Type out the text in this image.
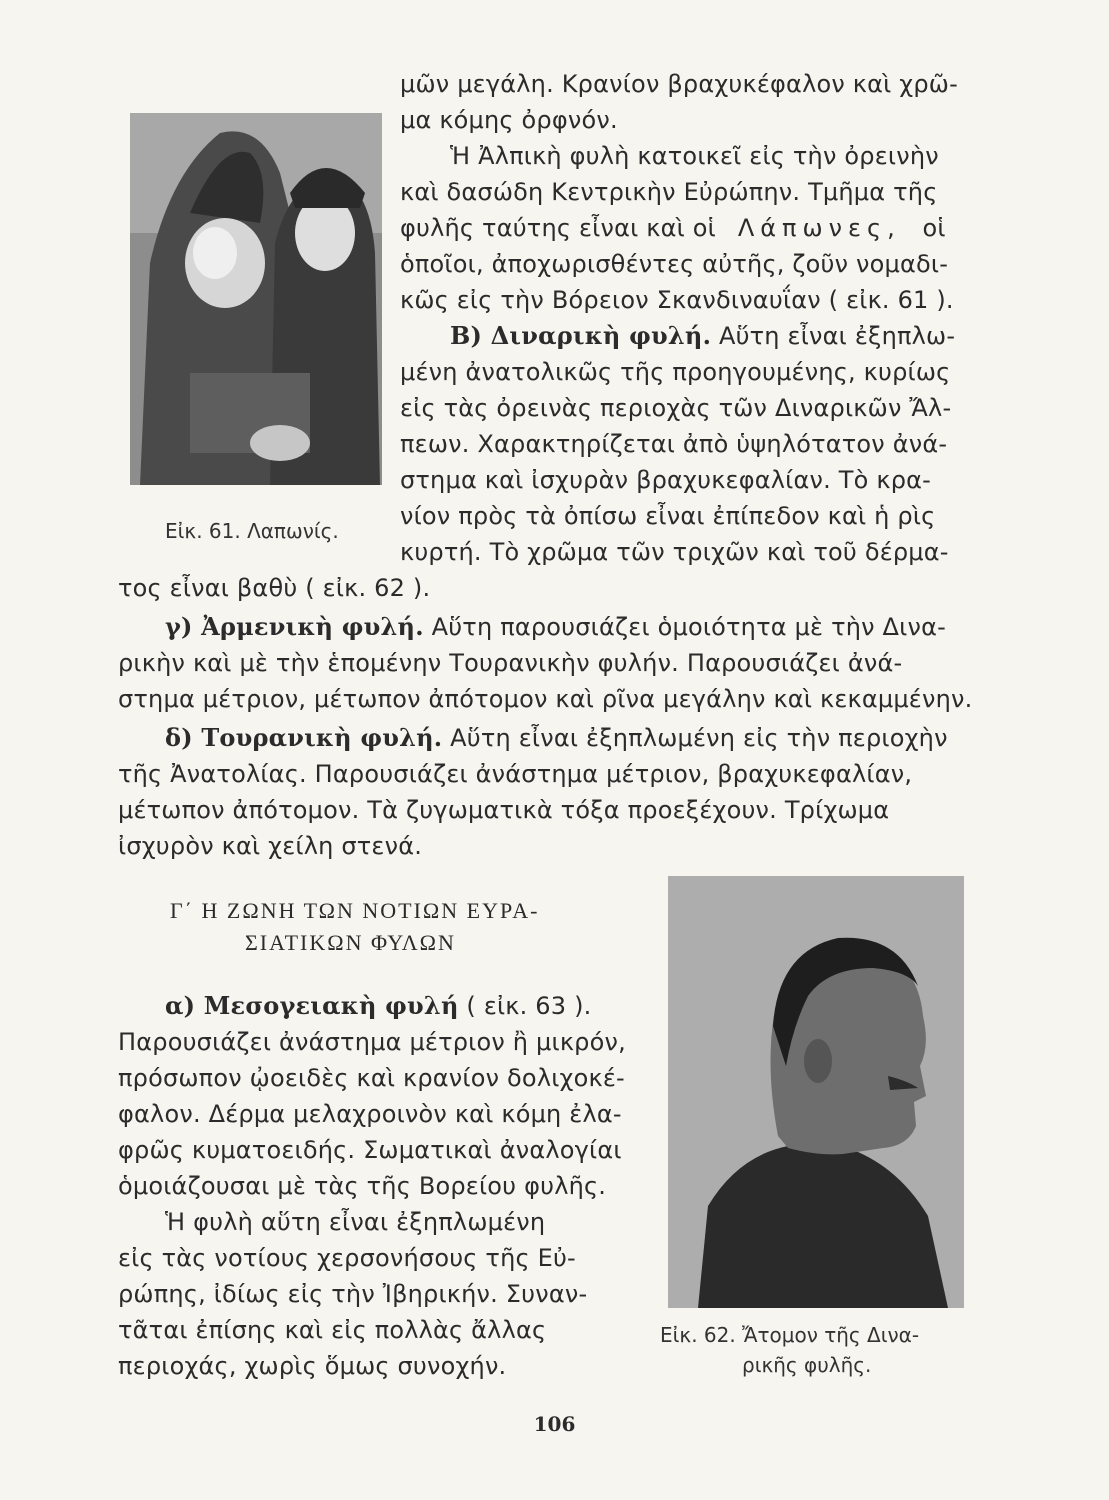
Εἰκ. 61. Λαπωνίς.
μῶν μεγάλη. Κρανίον βραχυκέφαλον καὶ χρῶ-
μα κόμης ὀρφνόν.
Ἡ Ἀλπικὴ φυλὴ κατοικεῖ εἰς τὴν ὀρεινὴν
καὶ δασώδη Κεντρικὴν Εὐρώπην. Τμῆμα τῆς
φυλῆς ταύτης εἶναι καὶ οἱ Λάπωνες, οἱ
ὁποῖοι, ἀποχωρισθέντες αὐτῆς, ζοῦν νομαδι-
κῶς εἰς τὴν Βόρειον Σκανδιναυΐαν ( εἰκ. 61 ).
Β) Διναρικὴ φυλή. Αὕτη εἶναι ἐξηπλω-
μένη ἀνατολικῶς τῆς προηγουμένης, κυρίως
εἰς τὰς ὀρεινὰς περιοχὰς τῶν Διναρικῶν Ἄλ-
πεων. Χαρακτηρίζεται ἀπὸ ὑψηλότατον ἀνά-
στημα καὶ ἰσχυρὰν βραχυκεφαλίαν. Τὸ κρα-
νίον πρὸς τὰ ὀπίσω εἶναι ἐπίπεδον καὶ ἡ ρὶς
κυρτή. Τὸ χρῶμα τῶν τριχῶν καὶ τοῦ δέρμα-
τος εἶναι βαθὺ ( εἰκ. 62 ).
γ) Ἀρμενικὴ φυλή. Αὕτη παρουσιάζει ὁμοιότητα μὲ τὴν Δινα-
ρικὴν καὶ μὲ τὴν ἑπομένην Τουρανικὴν φυλήν. Παρουσιάζει ἀνά-
στημα μέτριον, μέτωπον ἀπότομον καὶ ρῖνα μεγάλην καὶ κεκαμμένην.
δ) Τουρανικὴ φυλή. Αὕτη εἶναι ἐξηπλωμένη εἰς τὴν περιοχὴν
τῆς Ἀνατολίας. Παρουσιάζει ἀνάστημα μέτριον, βραχυκεφαλίαν,
μέτωπον ἀπότομον. Τὰ ζυγωματικὰ τόξα προεξέχουν. Τρίχωμα
ἰσχυρὸν καὶ χείλη στενά.
Γ΄ Η ΖΩΝΗ ΤΩΝ ΝΟΤΙΩΝ ΕΥΡΑ-
ΣΙΑΤΙΚΩΝ ΦΥΛΩΝ
α) Μεσογειακὴ φυλή ( εἰκ. 63 ).
Παρουσιάζει ἀνάστημα μέτριον ἢ μικρόν,
πρόσωπον ᾠοειδὲς καὶ κρανίον δολιχοκέ-
φαλον. Δέρμα μελαχροινὸν καὶ κόμη ἐλα-
φρῶς κυματοειδής. Σωματικαὶ ἀναλογίαι
ὁμοιάζουσαι μὲ τὰς τῆς Βορείου φυλῆς.
Ἡ φυλὴ αὕτη εἶναι ἐξηπλωμένη
εἰς τὰς νοτίους χερσονήσους τῆς Εὐ-
ρώπης, ἰδίως εἰς τὴν Ἰβηρικήν. Συναν-
τᾶται ἐπίσης καὶ εἰς πολλὰς ἄλλας
περιοχάς, χωρὶς ὅμως συνοχήν.
Εἰκ. 62. Ἄτομον τῆς Δινα-
ρικῆς φυλῆς.
106
